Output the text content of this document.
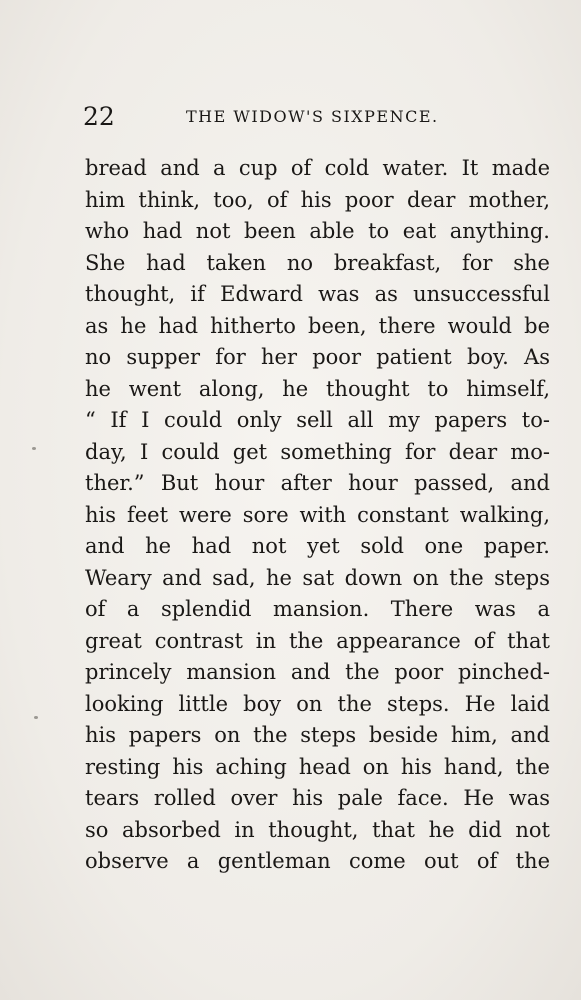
22	THE WIDOW'S SIXPENCE.
bread and a cup of cold water. It made
him think, too, of his poor dear mother,
who had not been able to eat anything.
She had taken no breakfast, for she
thought, if Edward was as unsuccessful
as he had hitherto been, there would be
no supper for her poor patient boy. As
he went along, he thought to himself,
“ If I could only sell all my papers to-
day, I could get something for dear mo-
ther.” But hour after hour passed, and
his feet were sore with constant walking,
and he had not yet sold one paper.
Weary and sad, he sat down on the steps
of a splendid mansion. There was a
great contrast in the appearance of that
princely mansion and the poor pinched-
looking little boy on the steps. He laid
his papers on the steps beside him, and
resting his aching head on his hand, the
tears rolled over his pale face. He was
so absorbed in thought, that he did not
observe a gentleman come out of the
